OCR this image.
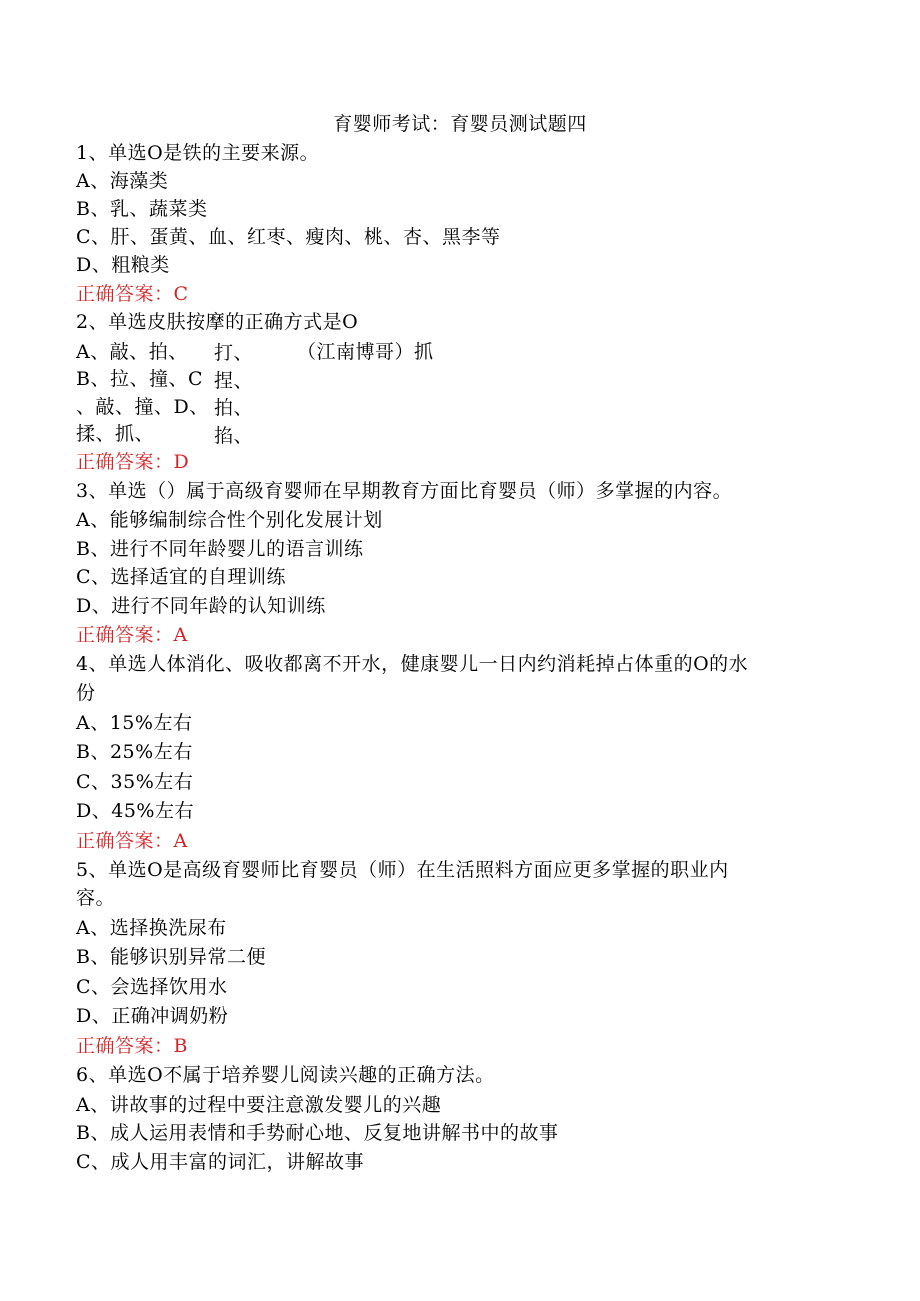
育婴师考试：育婴员测试题四
1、单选O是铁的主要来源。
A、海藻类
B、乳、蔬菜类
C、肝、蛋黄、血、红枣、瘦肉、桃、杏、黑李等
D、粗粮类
正确答案：C
2、单选皮肤按摩的正确方式是O
A、敲、拍、
B、拉、撞、C
、敲、撞、D、
揉、抓、
打、
捏、
拍、
掐、
（江南博哥）抓
正确答案：D
3、单选（）属于高级育婴师在早期教育方面比育婴员（师）多掌握的内容。
A、能够编制综合性个别化发展计划
B、进行不同年龄婴儿的语言训练
C、选择适宜的自理训练
D、进行不同年龄的认知训练
正确答案：A
4、单选人体消化、吸收都离不开水，健康婴儿一日内约消耗掉占体重的O的水
份
A、15%左右
B、25%左右
C、35%左右
D、45%左右
正确答案：A
5、单选O是高级育婴师比育婴员（师）在生活照料方面应更多掌握的职业内
容。
A、选择换洗尿布
B、能够识别异常二便
C、会选择饮用水
D、正确冲调奶粉
正确答案：B
6、单选O不属于培养婴儿阅读兴趣的正确方法。
A、讲故事的过程中要注意激发婴儿的兴趣
B、成人运用表情和手势耐心地、反复地讲解书中的故事
C、成人用丰富的词汇，讲解故事
